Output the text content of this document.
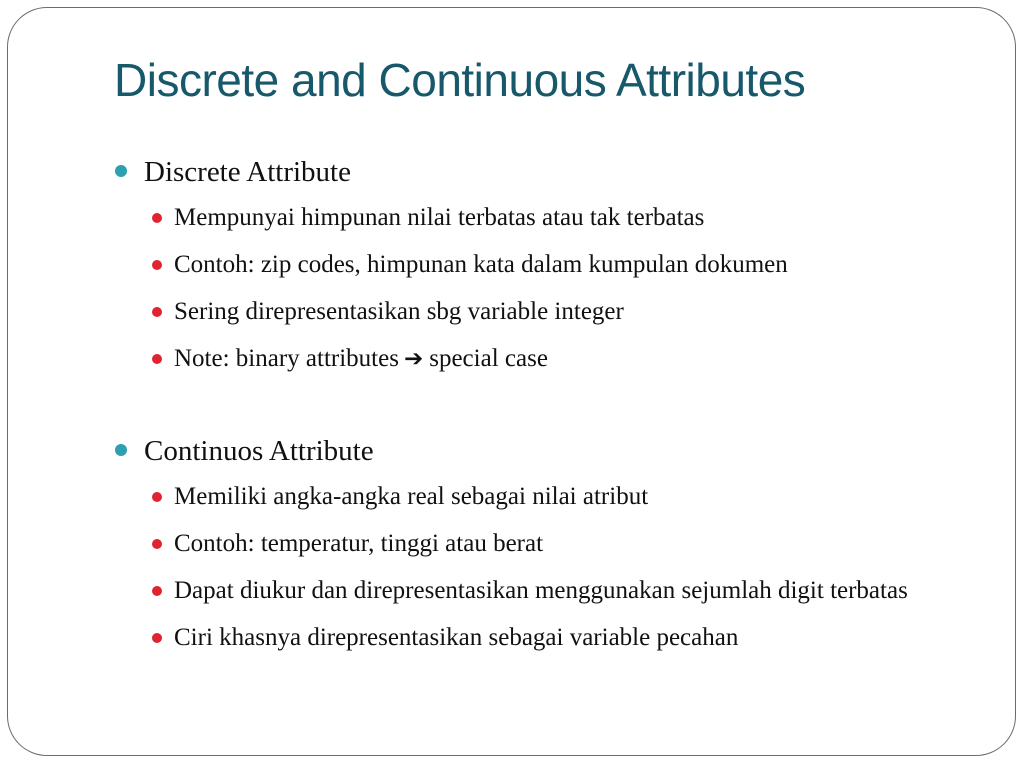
Discrete and Continuous Attributes
Discrete Attribute
Mempunyai himpunan nilai terbatas atau tak terbatas
Contoh: zip codes, himpunan kata dalam kumpulan dokumen
Sering direpresentasikan sbg variable integer
Note: binary attributes ➔ special case
Continuos Attribute
Memiliki angka-angka real sebagai nilai atribut
Contoh: temperatur, tinggi atau berat
Dapat diukur dan direpresentasikan menggunakan sejumlah digit terbatas
Ciri khasnya direpresentasikan sebagai variable pecahan
